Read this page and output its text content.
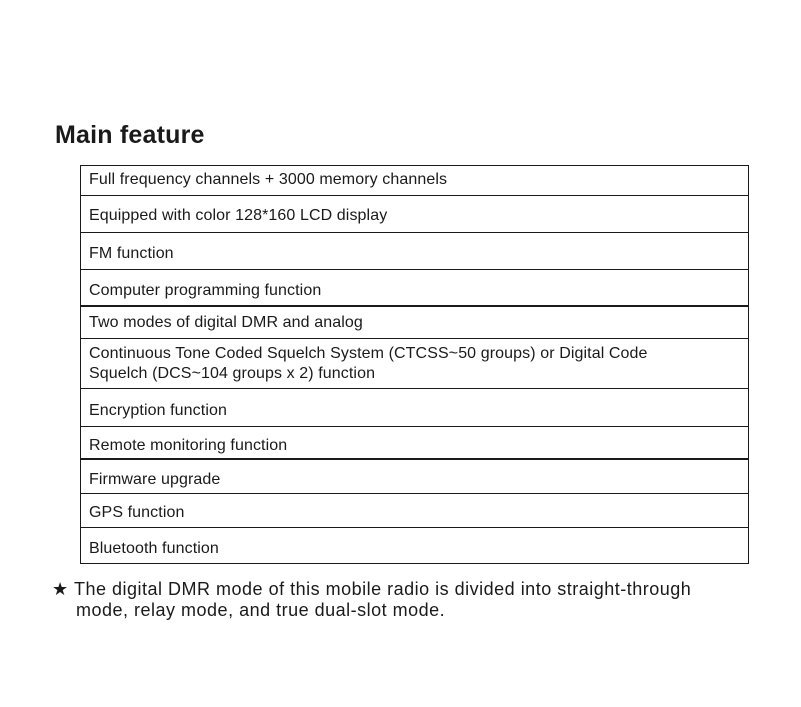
Main feature
Full frequency channels + 3000 memory channels
Equipped with color 128*160 LCD display
FM function
Computer programming function
Two modes of digital DMR and analog
Continuous Tone Coded Squelch System (CTCSS~50 groups) or Digital Code
Squelch (DCS~104 groups x 2) function
Encryption function
Remote monitoring function
Firmware upgrade
GPS function
Bluetooth function
★ The digital DMR mode of this mobile radio is divided into straight-through
mode, relay mode, and true dual-slot mode.
